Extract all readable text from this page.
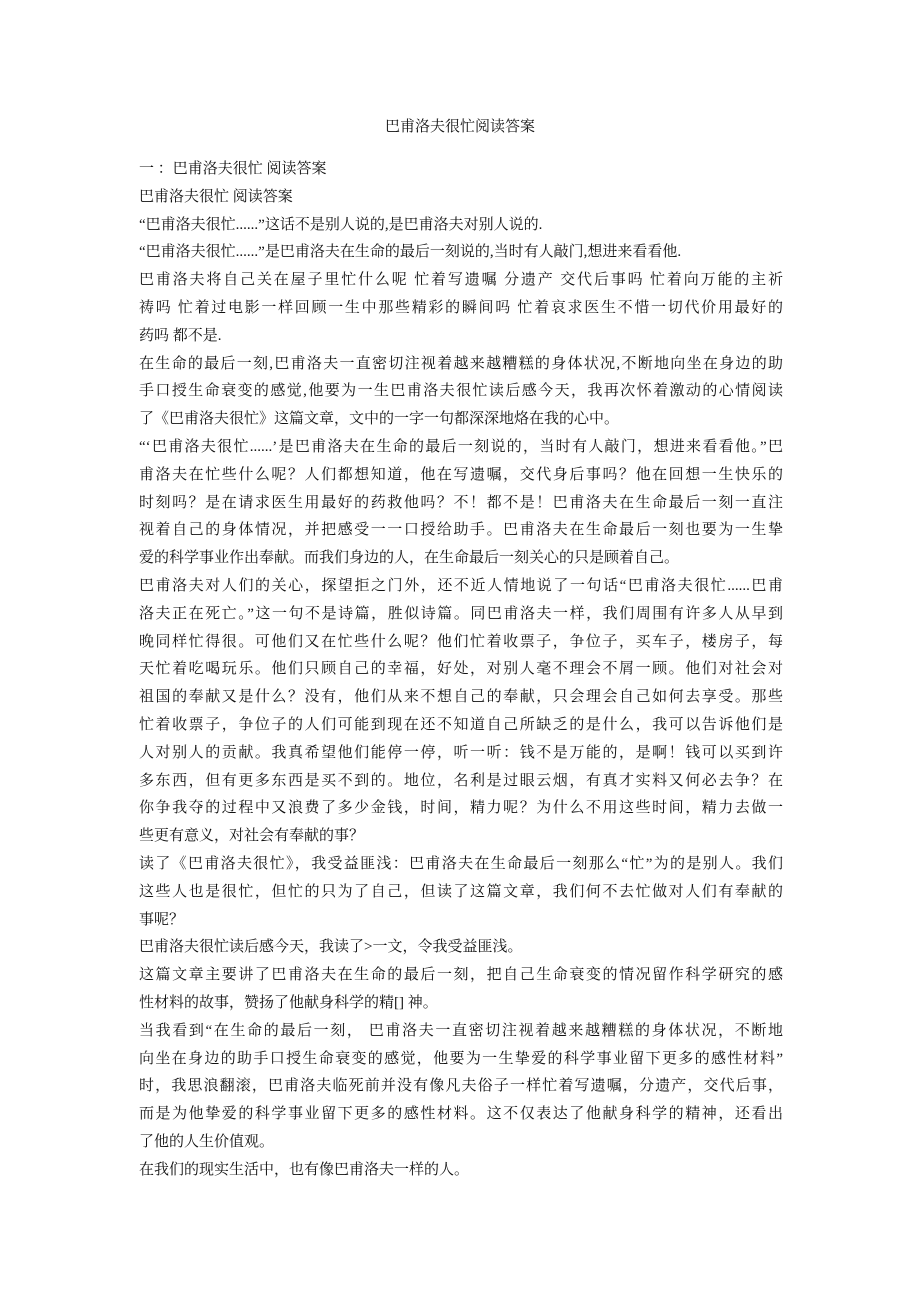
巴甫洛夫很忙阅读答案
一 ：巴甫洛夫很忙 阅读答案
巴甫洛夫很忙 阅读答案
“巴甫洛夫很忙......”这话不是别人说的,是巴甫洛夫对别人说的.
“巴甫洛夫很忙......”是巴甫洛夫在生命的最后一刻说的,当时有人敲门,想进来看看他.
巴甫洛夫将自己关在屋子里忙什么呢 忙着写遗嘱 分遗产 交代后事吗 忙着向万能的主祈
祷吗 忙着过电影一样回顾一生中那些精彩的瞬间吗 忙着哀求医生不惜一切代价用最好的
药吗 都不是.
在生命的最后一刻,巴甫洛夫一直密切注视着越来越糟糕的身体状况,不断地向坐在身边的助
手口授生命衰变的感觉,他要为一生巴甫洛夫很忙读后感今天，我再次怀着激动的心情阅读
了《巴甫洛夫很忙》这篇文章，文中的一字一句都深深地烙在我的心中。
“‘巴甫洛夫很忙......’是巴甫洛夫在生命的最后一刻说的，当时有人敲门，想进来看看他。”巴
甫洛夫在忙些什么呢？人们都想知道，他在写遗嘱，交代身后事吗？他在回想一生快乐的
时刻吗？是在请求医生用最好的药救他吗？不！都不是！巴甫洛夫在生命最后一刻一直注
视着自己的身体情况，并把感受一一口授给助手。巴甫洛夫在生命最后一刻也要为一生挚
爱的科学事业作出奉献。而我们身边的人，在生命最后一刻关心的只是顾着自己。
巴甫洛夫对人们的关心，探望拒之门外，还不近人情地说了一句话“巴甫洛夫很忙......巴甫
洛夫正在死亡。”这一句不是诗篇，胜似诗篇。同巴甫洛夫一样，我们周围有许多人从早到
晚同样忙得很。可他们又在忙些什么呢？他们忙着收票子，争位子，买车子，楼房子，每
天忙着吃喝玩乐。他们只顾自己的幸福，好处，对别人毫不理会不屑一顾。他们对社会对
祖国的奉献又是什么？没有，他们从来不想自己的奉献，只会理会自己如何去享受。那些
忙着收票子，争位子的人们可能到现在还不知道自己所缺乏的是什么，我可以告诉他们是
人对别人的贡献。我真希望他们能停一停，听一听：钱不是万能的，是啊！钱可以买到许
多东西，但有更多东西是买不到的。地位，名利是过眼云烟，有真才实料又何必去争？在
你争我夺的过程中又浪费了多少金钱，时间，精力呢？为什么不用这些时间，精力去做一
些更有意义，对社会有奉献的事？
读了《巴甫洛夫很忙》，我受益匪浅：巴甫洛夫在生命最后一刻那么“忙”为的是别人。我们
这些人也是很忙，但忙的只为了自己，但读了这篇文章，我们何不去忙做对人们有奉献的
事呢？
巴甫洛夫很忙读后感今天，我读了>一文，令我受益匪浅。
这篇文章主要讲了巴甫洛夫在生命的最后一刻，把自己生命衰变的情况留作科学研究的感
性材料的故事，赞扬了他献身科学的精[] 神。
当我看到“在生命的最后一刻， 巴甫洛夫一直密切注视着越来越糟糕的身体状况，不断地
向坐在身边的助手口授生命衰变的感觉，他要为一生挚爱的科学事业留下更多的感性材料”
时，我思浪翻滚，巴甫洛夫临死前并没有像凡夫俗子一样忙着写遗嘱，分遗产，交代后事，
而是为他挚爱的科学事业留下更多的感性材料。这不仅表达了他献身科学的精神，还看出
了他的人生价值观。
在我们的现实生活中，也有像巴甫洛夫一样的人。
